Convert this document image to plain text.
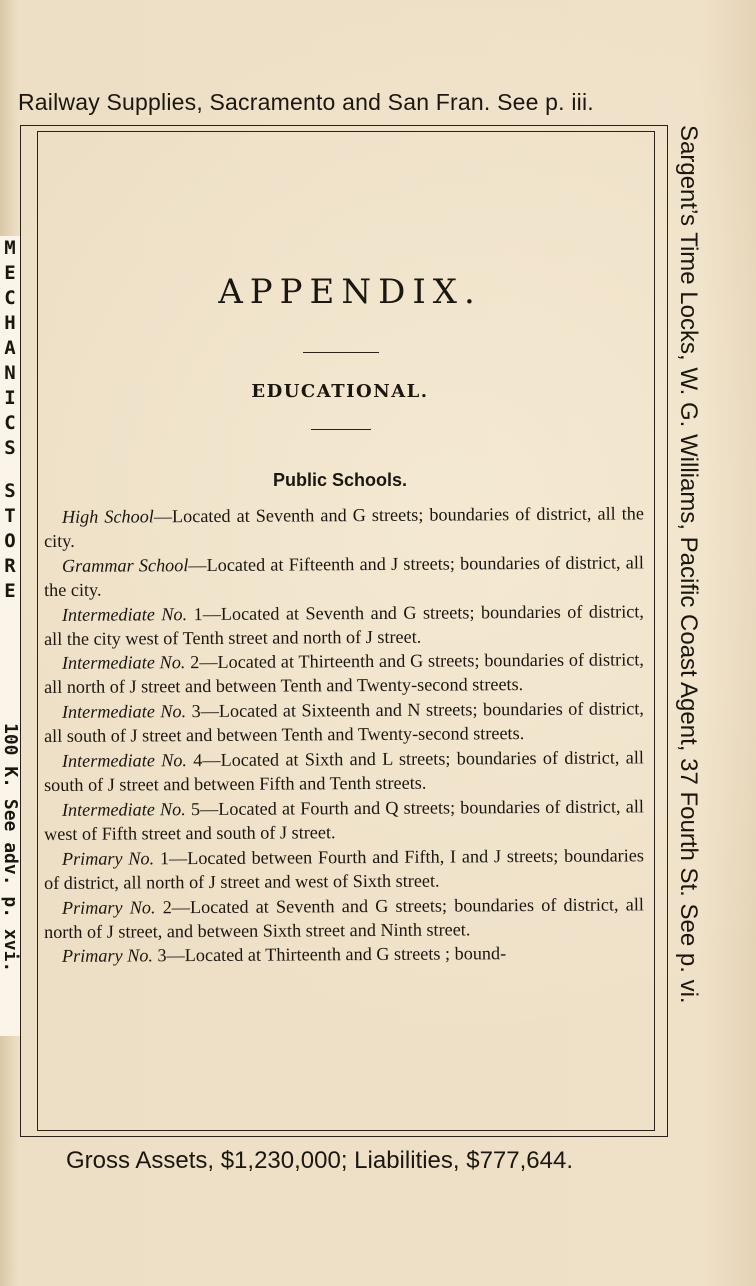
Railway Supplies, Sacramento and San Fran. See p. iii.
MECHANICS
STORE
100 K. See adv. p. xvi.
APPENDIX.
EDUCATIONAL.
Public Schools.

High School—Located at Seventh and G streets; boundaries of district, all the city.

Grammar School—Located at Fifteenth and J streets; boundaries of district, all the city.

Intermediate No. 1—Located at Seventh and G streets; boundaries of district, all the city west of Tenth street and north of J street.

Intermediate No. 2—Located at Thirteenth and G streets; boundaries of district, all north of J street and between Tenth and Twenty-second streets.

Intermediate No. 3—Located at Sixteenth and N streets; boundaries of district, all south of J street and between Tenth and Twenty-second streets.

Intermediate No. 4—Located at Sixth and L streets; boundaries of district, all south of J street and between Fifth and Tenth streets.

Intermediate No. 5—Located at Fourth and Q streets; boundaries of district, all west of Fifth street and south of J street.

Primary No. 1—Located between Fourth and Fifth, I and J streets; boundaries of district, all north of J street and west of Sixth street.

Primary No. 2—Located at Seventh and G streets; boundaries of district, all north of J street, and between Sixth street and Ninth street.

Primary No. 3—Located at Thirteenth and G streets ; bound-	Sargent’s Time Locks, W. G. Williams, Pacific Coast Agent, 37 Fourth St. See p. vi.
Gross Assets, $1,230,000; Liabilities, $777,644.
